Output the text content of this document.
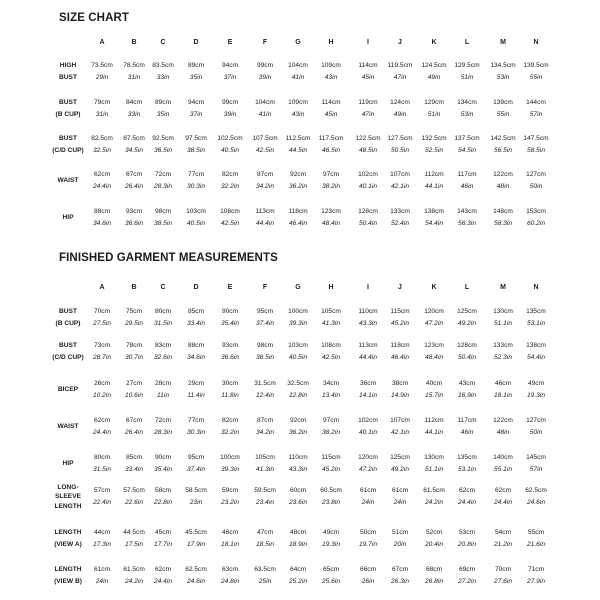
SIZE CHART
FINISHED GARMENT MEASUREMENTS
A	B	C	D	E	F	G	H	I	J	K	L	M	N
HIGH
BUST
73.5cm 78.5cm 83.5cm 89cm	94cm	99cm 104cm 109cm	114cm 119.5cm 124.5cm 129.5cm 134.5cm 139.5cm
29in	31in	33in	35in	37in	39in	41in	43in	45in	47in	49in	51in	53in	55in
BUST
(B CUP)
79cm 84cm 89cm	94cm	99cm	104cm 109cm 114cm	119cm 124cm 129cm 134cm 139cm 144cm
31in	33in	35in	37in	39in	41in	43in	45in	47in	49in	51in	53in	55in	57in
BUST
(C/D CUP)
82.5cm 87.5cm 92.5cm 97.5cm 102.5cm 107.5cm 112.5cm 117.5cm 122.5cm 127.5cm 132.5cm 137.5cm 142.5cm 147.5cm
32.5in 34.5in 36.5in 38.5in 40.5in	42.5in 44.5in 46.5in	48.5in 50.5in 52.5in 54.5in	56.5in 58.5in
WAIST
62cm 67cm 72cm	77cm	82cm	87cm	92cm	97cm	102cm 107cm 112cm 117cm 122cm 127cm
24.4in 26.4in 28.3in 30.3in 32.2in	34.2in 36.2in 38.2in	40.1in 42.1in 44.1in	46in	48in	50in
HIP
88cm 93cm 98cm 103cm 108cm 113cm 118cm 123cm	128cm 133cm 138cm 143cm 148cm 153cm
34.6in 36.6in 38.5in 40.5in 42.5in	44.4in 46.4in 48.4in	50.4in 52.4in 54.4in 56.3in	58.3in 60.2in
A	B	C	D	E	F	G	H	I	J	K	L	M	N
BUST
(B CUP)
70cm 75cm 80cm	85cm	90cm	95cm 100cm 105cm	110cm 115cm 120cm 125cm 130cm 135cm
27.5in 29.5in 31.5in 33.4in 35.4in	37.4in 39.3in 41.3in	43.3in 45.2in 47.2in 49.2in	51.1in 53.1in
BUST
(C/D CUP)
73cm 78cm 83cm	88cm	93cm	98cm 103cm 108cm	113cm 118cm 123cm 128cm 133cm 138cm
28.7in 30.7in 32.6in 34.6in 36.6in	38.5in 40.5in 42.5in	44.4in 46.4in 48.4in 50.4in	52.3in 54.4in
BICEP
26cm 27cm 28cm	29cm	30cm 31.5cm 32.5cm 34cm	36cm 38cm	40cm	43cm	46cm	49cm
10.2in 10.6in 11in	11.4in	11.8in	12.4in 12.8in 13.4in	14.1in 14.9in 15.7in 16.9in	18.1in 19.3in
WAIST
62cm 67cm 72cm	77cm	82cm	87cm	92cm	97cm	102cm 107cm 112cm 117cm 122cm 127cm
24.4in 26.4in 28.3in 30.3in 32.2in	34.2in 36.2in 38.2in	40.1in 42.1in 44.1in	46in	48in	50in
HIP
80cm 85cm 90cm	95cm 100cm 105cm 110cm 115cm	120cm 125cm 130cm 135cm 140cm 145cm
31.5in 33.4in 35.4in 37.4in 39.3in	41.3in 43.3in 45.2in	47.2in 49.2in 51.1in 53.1in	55.1in	57in
LONG-
SLEEVE
LENGTH
57cm 57.5cm 58cm 58.5cm 59cm 59.5cm 60cm 60.5cm	61cm 61cm 61.5cm 62cm	62cm 62.5cm
22.4in 22.6in 22.8in	23in	23.2in	23.4in 23.6in 23.8in	24in	24in	24.2in 24.4in	24.4in 24.6in
LENGTH
(VIEW A)
44cm 44.5cm 45cm 45.5cm 46cm	47cm	48cm	49cm	50cm 51cm	52cm	53cm	54cm	55cm
17.3in 17.5in 17.7in 17.9in 18.1in	18.5in 18.9in 19.3in	19.7in	20in	20.4in 20.8in	21.2in 21.6in
LENGTH
(VIEW B)
61cm 61.5cm 62cm 62.5cm 63cm 63.5cm 64cm	65cm	66cm 67cm	68cm	69cm	70cm	71cm
24in	24.2in 24.4in 24.6in 24.8in	25in	25.2in 25.6in	26in	26.3in 26.8in 27.2in	27.6in 27.9in
